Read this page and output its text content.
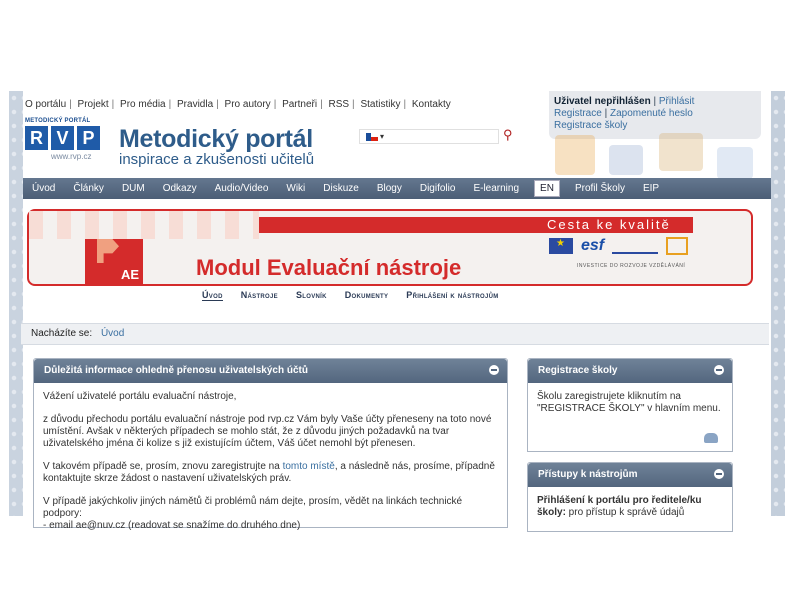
O portálu | Projekt | Pro média | Pravidla | Pro autory | Partneři | RSS | Statistiky | Kontakty	Uživatel nepřihlášen | Přihlásit
Registrace | Zapomenuté heslo
Registrace školy
METODICKÝ PORTÁL
R V P
www.rvp.cz
Metodický portál
inspirace a zkušenosti učitelů
▾	⚲
Úvod	Články	DUM	Odkazy	Audio/Video	Wiki	Diskuze	Blogy	Digifolio	E-learning	EN	Profil Školy	EIP
Cesta ke kvalitě
AE	Modul Evaluační nástroje
★
esf
INVESTICE DO ROZVOJE VZDĚLÁVÁNÍ
Úvod Nástroje Slovník Dokumenty Přihlášení k nástrojům
Nacházíte se: Úvod
Důležitá informace ohledně přenosu uživatelských účtů

Vážení uživatelé portálu evaluační nástroje,

z důvodu přechodu portálu evaluační nástroje pod rvp.cz Vám byly Vaše účty přeneseny na toto nové umístění. Avšak v některých případech se mohlo stát, že z důvodu jiných požadavků na tvar uživatelského jména či kolize s již existujícím účtem, Váš účet nemohl být přenesen.

V takovém případě se, prosím, znovu zaregistrujte na tomto místě, a následně nás, prosíme, případně kontaktujte skrze žádost o nastavení uživatelských práv.

V případě jakýchkoliv jiných námětů či problémů nám dejte, prosím, vědět na linkách technické podpory:
- email ae@nuv.cz (readovat se snažíme do druhého dne)

Registrace školy

Školu zaregistrujete kliknutím na "REGISTRACE ŠKOLY" v hlavním menu.

Přístupy k nástrojům

Přihlášení k portálu pro ředitele/ku školy: pro přístup k správě údajů
